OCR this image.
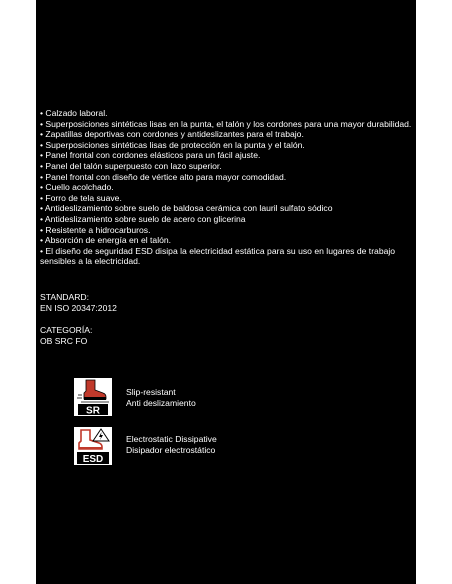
• Calzado laboral.
• Superposiciones sintéticas lisas en la punta, el talón y los cordones para una mayor durabilidad.
• Zapatillas deportivas con cordones y antideslizantes para el trabajo.
• Superposiciones sintéticas lisas de protección en la punta y el talón.
• Panel frontal con cordones elásticos para un fácil ajuste.
• Panel del talón superpuesto con lazo superior.
• Panel frontal con diseño de vértice alto para mayor comodidad.
• Cuello acolchado.
• Forro de tela suave.
• Antideslizamiento sobre suelo de baldosa cerámica con lauril sulfato sódico
• Antideslizamiento sobre suelo de acero con glicerina
• Resistente a hidrocarburos.
• Absorción de energía en el talón.
• El diseño de seguridad ESD disipa la electricidad estática para su uso en lugares de trabajo sensibles a la electricidad.
STANDARD:
EN ISO 20347:2012
CATEGORÍA:
OB SRC FO
SR
Slip-resistant
Anti deslizamiento
ESD
Electrostatic Dissipative
Disipador electrostático
